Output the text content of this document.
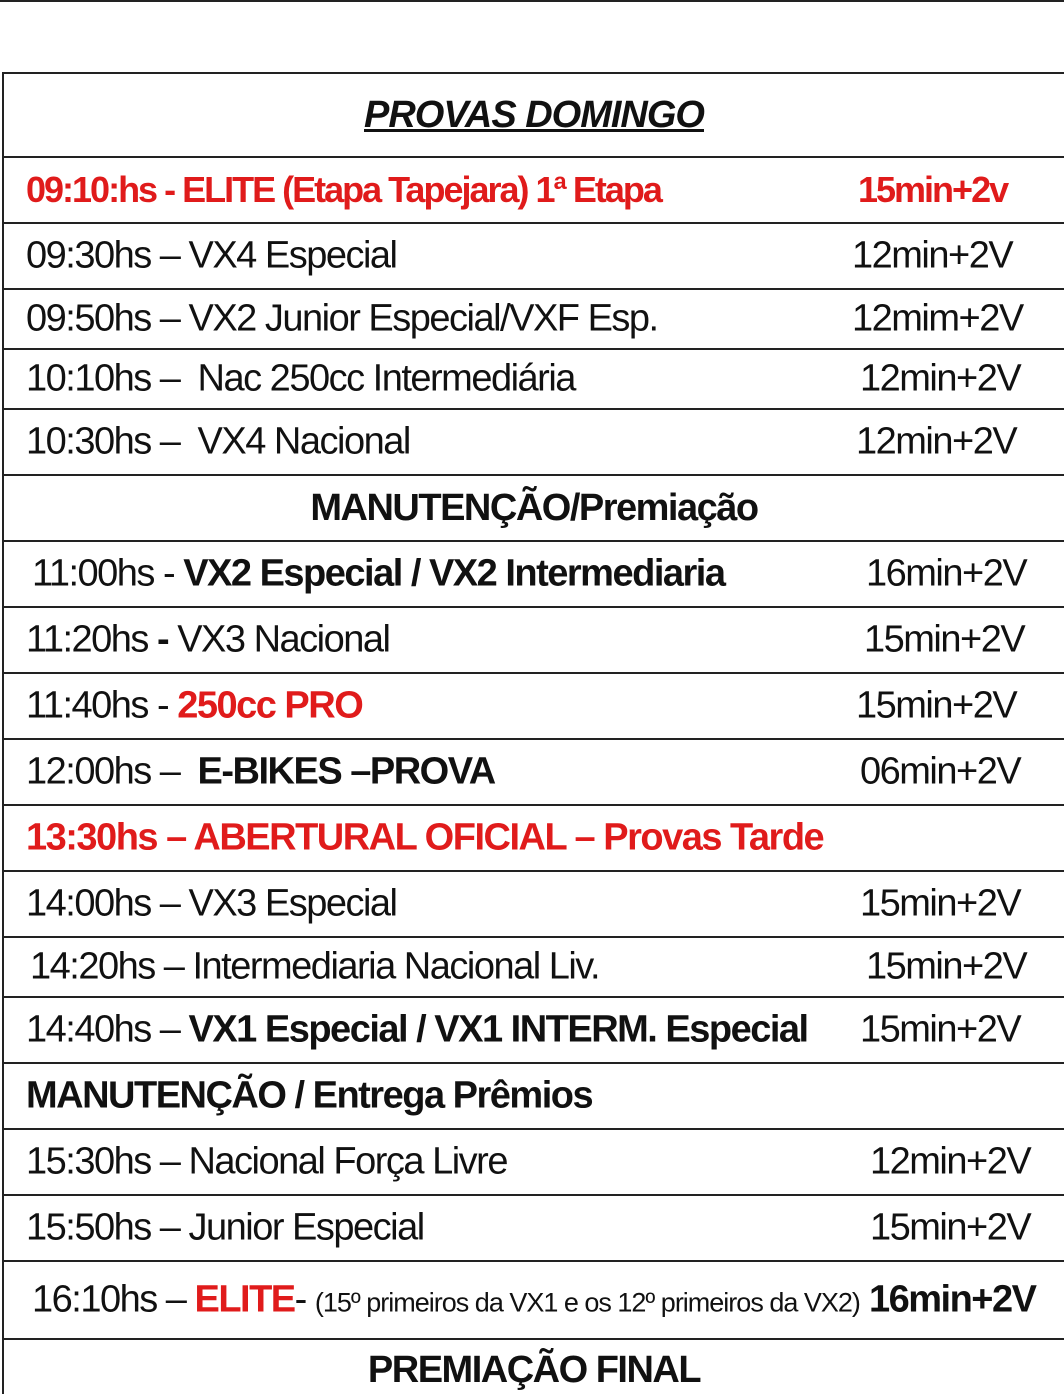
PROVAS DOMINGO
09:10:hs - ELITE (Etapa Tapejara) 1ª Etapa	15min+2v
09:30hs – VX4 Especial	12min+2V
09:50hs – VX2 Junior Especial/VXF Esp.	12mim+2V
10:10hs –  Nac 250cc Intermediária	12min+2V
10:30hs –  VX4 Nacional	12min+2V
MANUTENÇÃO/Premiação
11:00hs - VX2 Especial / VX2 Intermediaria	16min+2V
11:20hs - VX3 Nacional	15min+2V
11:40hs - 250cc PRO	15min+2V
12:00hs –  E-BIKES –PROVA	06min+2V
13:30hs – ABERTURAL OFICIAL – Provas Tarde
14:00hs – VX3 Especial	15min+2V
14:20hs – Intermediaria Nacional Liv.	15min+2V
14:40hs – VX1 Especial / VX1 INTERM. Especial 15min+2V
MANUTENÇÃO / Entrega Prêmios
15:30hs – Nacional Força Livre	12min+2V
15:50hs – Junior Especial	15min+2V
16:10hs – ELITE- (15º primeiros da VX1 e os 12º primeiros da VX2) 16min+2V
PREMIAÇÃO FINAL
